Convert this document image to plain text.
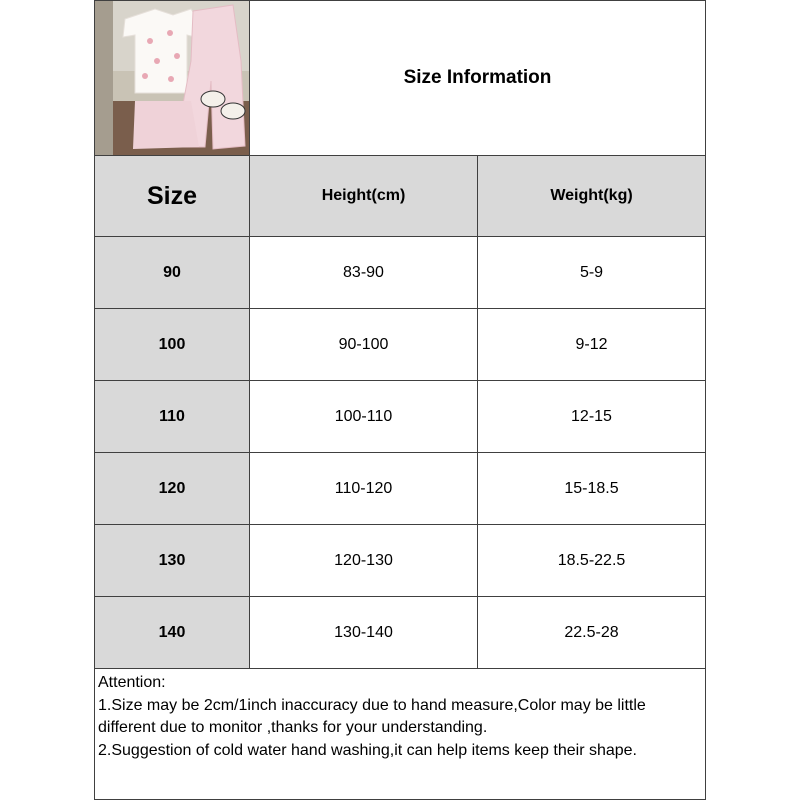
Size Information
Size	Height(cm)	Weight(kg)
90	83-90	5-9
100	90-100	9-12
110	100-110	12-15
120	110-120	15-18.5
130	120-130	18.5-22.5
140	130-140	22.5-28
Attention:
1.Size may be 2cm/1inch inaccuracy due to hand measure,Color may be little different due to monitor ,thanks for your understanding.
2.Suggestion of cold water hand washing,it can help items keep their shape.
